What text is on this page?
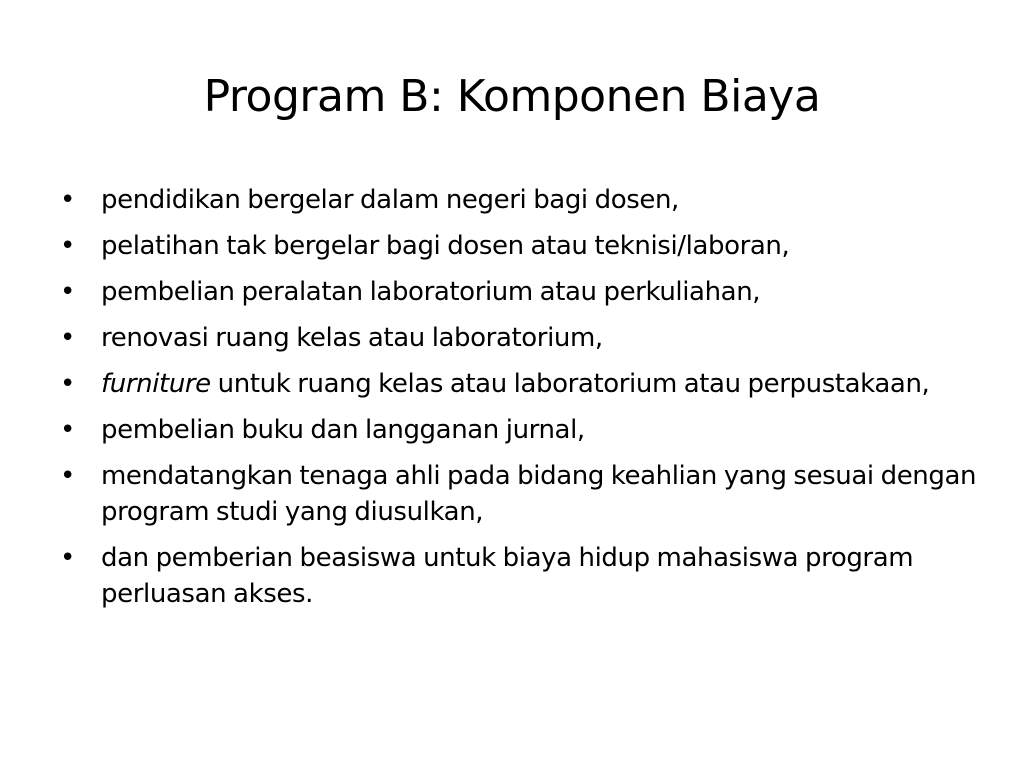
Program B: Komponen Biaya
• pendidikan bergelar dalam negeri bagi dosen,
• pelatihan tak bergelar bagi dosen atau teknisi/laboran,
• pembelian peralatan laboratorium atau perkuliahan,
• renovasi ruang kelas atau laboratorium,
• furniture untuk ruang kelas atau laboratorium atau perpustakaan,
• pembelian buku dan langganan jurnal,
• mendatangkan tenaga ahli pada bidang keahlian yang sesuai dengan program studi yang diusulkan,
• dan pemberian beasiswa untuk biaya hidup mahasiswa program perluasan akses.
